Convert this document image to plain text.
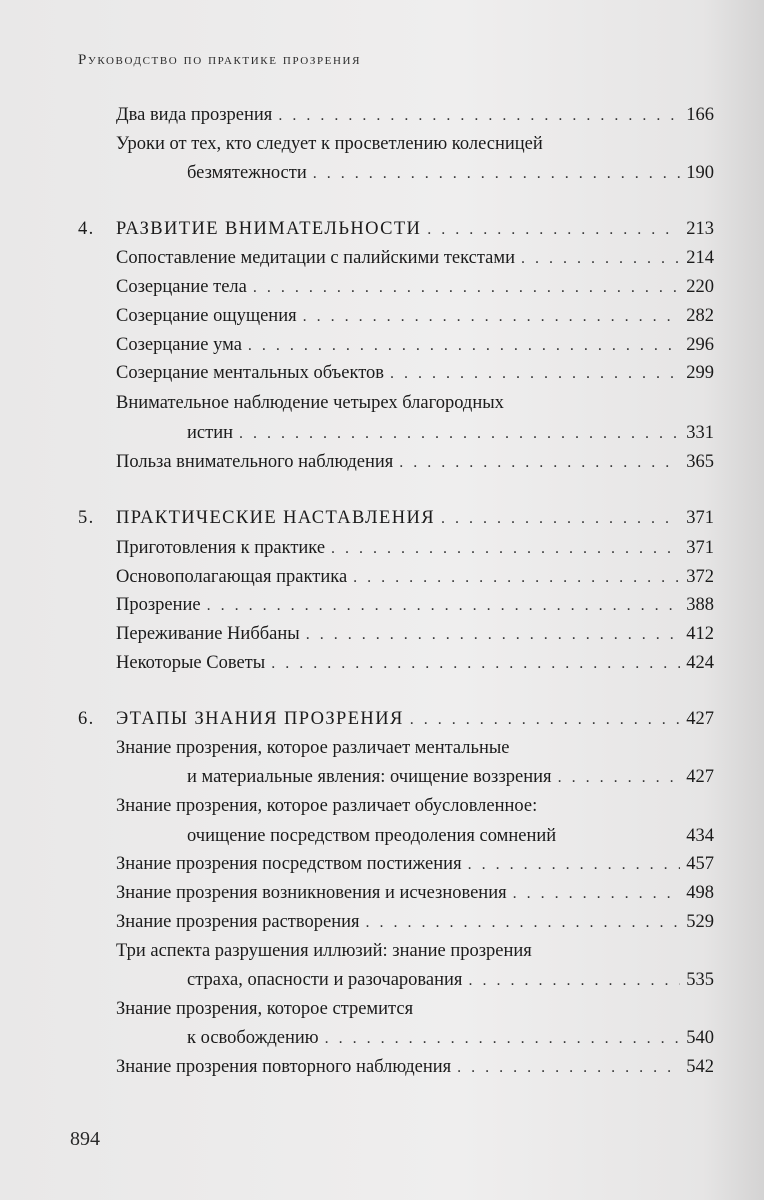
Руководство по практике прозрения
Два вида прозрения . . .	166
Уроки от тех, кто следует к просветлению колесницей
безмятежности . . .	190
4. РАЗВИТИЕ ВНИМАТЕЛЬНОСТИ . . .	213
Сопоставление медитации с палийскими текстами . . .	214
Созерцание тела . . .	220
Созерцание ощущения . . .	282
Созерцание ума . . .	296
Созерцание ментальных объектов . . .	299
Внимательное наблюдение четырех благородных
истин . . .	331
Польза внимательного наблюдения . . .	365
5. ПРАКТИЧЕСКИЕ НАСТАВЛЕНИЯ . . .	371
Приготовления к практике . . .	371
Основополагающая практика . . .	372
Прозрение . . .	388
Переживание Ниббаны . . .	412
Некоторые Советы . . .	424
6. ЭТАПЫ ЗНАНИЯ ПРОЗРЕНИЯ . . .	427
Знание прозрения, которое различает ментальные
и материальные явления: очищение воззрения . . .	427
Знание прозрения, которое различает обусловленное:
очищение посредством преодоления сомнений	434
Знание прозрения посредством постижения . . .	457
Знание прозрения возникновения и исчезновения . . .	498
Знание прозрения растворения . . .	529
Три аспекта разрушения иллюзий: знание прозрения
страха, опасности и разочарования . . .	535
Знание прозрения, которое стремится
к освобождению . . .	540
Знание прозрения повторного наблюдения . . .	542
894
